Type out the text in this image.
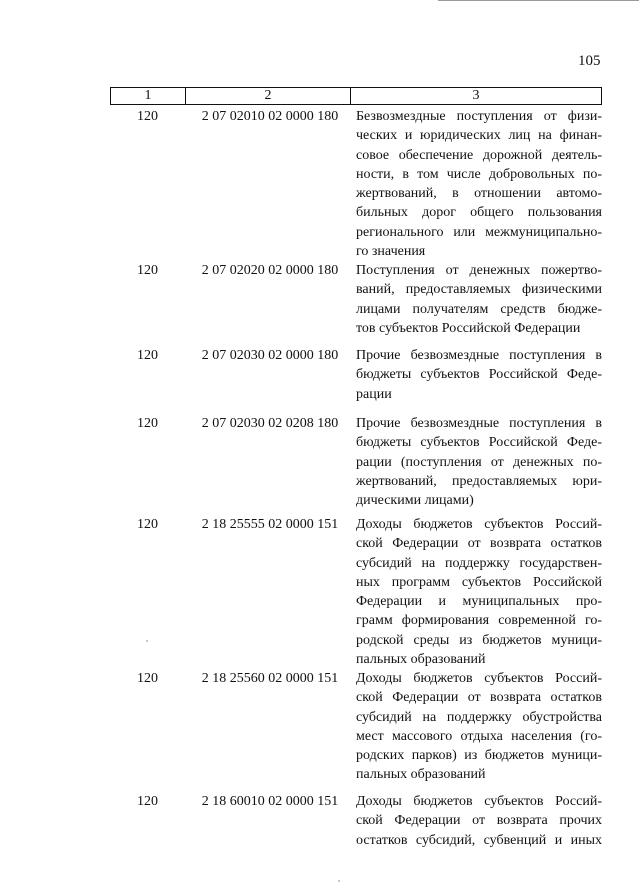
105
1	2	3
120	2 07 02010 02 0000 180	Безвозмездные поступления от физи-
ческих и юридических лиц на финан-
совое обеспечение дорожной деятель-
ности, в том числе добровольных по-
жертвований, в отношении автомо-
бильных дорог общего пользования
регионального или межмуниципально-
го значения
120	2 07 02020 02 0000 180	Поступления от денежных пожертво-
ваний, предоставляемых физическими
лицами получателям средств бюдже-
тов субъектов Российской Федерации
120	2 07 02030 02 0000 180	Прочие безвозмездные поступления в
бюджеты субъектов Российской Феде-
рации
120	2 07 02030 02 0208 180	Прочие безвозмездные поступления в
бюджеты субъектов Российской Феде-
рации (поступления от денежных по-
жертвований, предоставляемых юри-
дическими лицами)
120	2 18 25555 02 0000 151	Доходы бюджетов субъектов Россий-
ской Федерации от возврата остатков
субсидий на поддержку государствен-
ных программ субъектов Российской
Федерации и муниципальных про-
грамм формирования современной го-
родской среды из бюджетов муници-
пальных образований
120	2 18 25560 02 0000 151	Доходы бюджетов субъектов Россий-
ской Федерации от возврата остатков
субсидий на поддержку обустройства
мест массового отдыха населения (го-
родских парков) из бюджетов муници-
пальных образований
120	2 18 60010 02 0000 151	Доходы бюджетов субъектов Россий-
ской Федерации от возврата прочих
остатков субсидий, субвенций и иных
